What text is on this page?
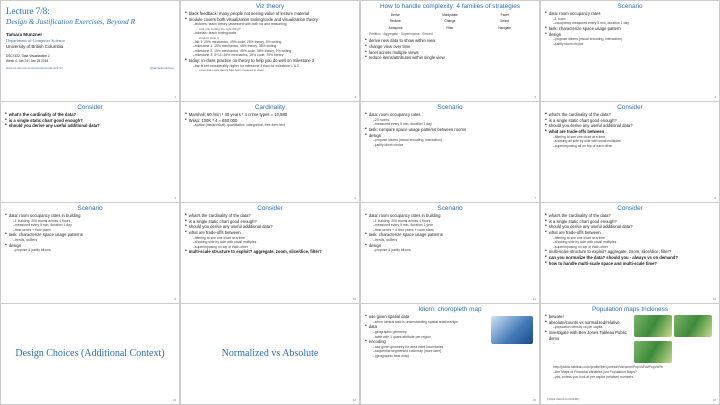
Lecture 7/8:
Design & Justification Exercises, Beyond R
Tamara Munzner
Department of Computer Science
University of British Columbia
DSCI 532, Data Visualization 2
Week 4, Jan 24 / Jan 25 2018
www.cs.ubc.ca/~tmm/courses/mds-viz2-17	@tamaramunzner
1
Viz theory
• black feedback: many people not seeing value of lecture material
• module covers both visualization tooling/code and visualization theory
– lectures: teach theory (assessed with both viz and reasoning)
• are you coding the right thing?
– tutorials: teach tooling/code
• how to code it
– lab 1: 25% mechanics, 49% code, 25% theory, 5% writing
– milestone 1: 15% mechanics, 45% theory, 38% writing
– milestone 2: 15% mechanics, 45% code, 38% theory, 2% writing
– milestone 3: 5+11=16% mechanics, 16% code, 75% theory
• today: in-class practice on theory to help you do well on milestone 3
– bar is set considerably higher for milestone 3 than for milestone 1 & 2
• now that more theory has been covered in class
2
How to handle complexity: 4 families of strategies
Derive	Manipulate	Facet
Reduce	Change	Select
Juxtapose	Filter	Navigate
Partition · Aggregate · Superimpose · Embed
• derive new data to show within view
• change view over time
• facet across multiple views
• reduce items/attributes within single view
3
Scenario
• data: room occupancy rates
– 1 room
– occupancy measured every 5 min, duration 1 day
• task: characterize space usage pattern
• design
– propose idioms (visual encoding, interaction)
– justify idiom choice
4
Consider
• what's the cardinality of the data?
• is a single static chart good enough?
• should you derive any useful additional data?
5
Cardinality
• Marshall: 60 /min * 40 years * 4 crime types = 10,880
• Wiiso: 130K * 4 = 650,000
– spatial (hierarchical), quantitative, categorical, free-form text
6
Scenario
• data: room occupancy rates
– 20 rooms
– measured every 5 min, duration 1 day
• task: compare space usage patterns between rooms
• design
– propose idioms (visual encoding, interaction)
– justify idiom choice
7
Consider
• what's the cardinality of the data?
• is a single static chart good enough?
• should you derive any useful additional data?
• what are trade-offs between
– filtering to see one chart at a time
– showing all side by side with small multiples
– superimposing all on top of each other
8
Scenario
• data: room occupancy rates in building
– 1 building, 200 rooms across 4 floors
– measured every 5 min, duration 1 day
– time series + floor plans
• task: characterize space usage patterns
– trends, outliers
• design
– propose & justify idioms
9
Consider
• what's the cardinality of the data?
• is a single static chart good enough?
• should you derive any useful additional data?
• what are trade-offs between
– filtering to see one chart at a time
– showing side by side with small multiples
– superimposing on top of each other
• multi-scale structure to exploit? aggregate, zoom, slice/dice, filter?
10
Scenario
• data: room occupancy rates in building
– 1 building, 200 rooms across 4 floors
– measured every 5 min, duration 1 year
– time series + 4 floor plans + room sizes
• task: characterize space usage patterns
– trends, outliers
• design
– propose & justify idioms
11
Consider
• what's the cardinality of the data?
• is a single static chart good enough?
• should you derive any useful additional data?
• what are trade-offs between
– filtering to see one chart at a time
– showing side by side with small multiples
– superimposing on top of each other
• multi-scale structure to exploit? aggregate, zoom, slice/dice, filter?
• can you normalize the data? should you - always vs on demand?
• how to handle multi-scale space and multi-scale time?
12
Design Choices (Additional Context)
13
Normalized vs Absolute
14
Idiom: choropleth map
• use given spatial data
– when central task is understanding spatial relationships
• data
– geographic geometry
– table with 1 quant attribute per region
• encoding
– use given geometry for area mark boundaries
– sequential segmented colormap [more later]
– (geographic heat map)
15
Population maps trickiness
[ https://xkcd.com/1138 ]
• beware!
• absolute/counts vs normalized/relative
– population density vs per capita
• investigate with Ben Jones Tableau Public demo
– http://public.tableau.com/profile/ben.jones#!/vizhome/PopVsFin/PopVsFin
– Are Maps of Financial Variables just Population Maps?
– yes, unless you look at per capita (relative) numbers
16
